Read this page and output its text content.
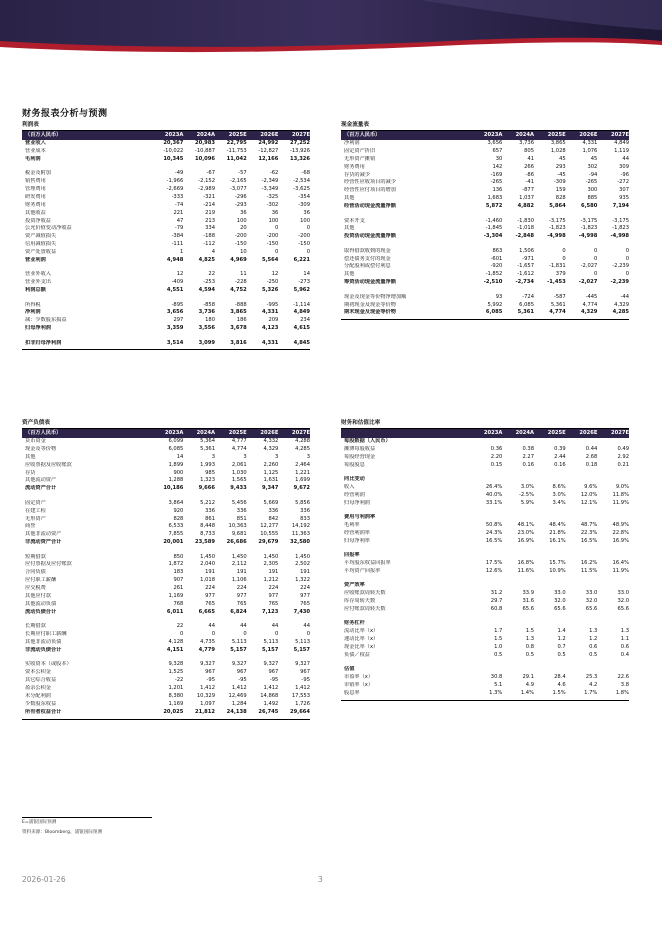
财务报表分析与预测
利润表
（百万人民币）	2023A	2024A	2025E	2026E	2027E
营业收入	20,367	20,983	22,795	24,992	27,252
营业成本	-10,022	-10,887	-11,753	-12,827	-13,926
毛利润	10,345	10,096	11,042	12,166	13,326
税金及附加	-49	-67	-57	-62	-68
销售费用	-1,966	-2,152	-2,165	-2,349	-2,534
管理费用	-2,669	-2,989	-3,077	-3,349	-3,625
研发费用	-333	-321	-296	-325	-354
财务费用	-74	-214	-293	-302	-309
其他收益	221	219	36	36	36
投资净收益	47	213	100	100	100
公允价值变动净收益	-79	334	20	0	0
资产减值损失	-384	-188	-200	-200	-200
信用减值损失	-111	-112	-150	-150	-150
资产处置收益	1	4	10	0	0
营业利润	4,948	4,825	4,969	5,564	6,221
营业外收入	12	22	11	12	14
营业外支出	-409	-253	-228	-250	-273
利润总额	4,551	4,594	4,752	5,326	5,962
所得税	-895	-858	-888	-995	-1,114
净利润	3,656	3,736	3,865	4,331	4,849
减：少数股东损益	297	180	186	209	234
归母净利润	3,359	3,556	3,678	4,123	4,615
扣非归母净利润	3,514	3,099	3,816	4,331	4,845
现金流量表
（百万人民币）	2023A	2024A	2025E	2026E	2027E
净利润	3,656	3,736	3,865	4,331	4,849
固定资产折旧	657	805	1,028	1,076	1,119
无形资产摊销	30	41	45	45	44
财务费用	142	266	293	302	309
存货的减少	-169	-86	-45	-94	-96
经营性应收项目的减少	-265	-41	-309	-265	-272
经营性应付项目的增加	136	-877	159	300	307
其他	1,683	1,037	828	885	935
经营活动现金流量净额	5,872	4,882	5,864	6,580	7,194
资本开支	-1,460	-1,830	-3,175	-3,175	-3,175
其他	-1,845	-1,018	-1,823	-1,823	-1,823
投资活动现金流量净额	-3,304	-2,848	-4,998	-4,998	-4,998
取得借款收到的现金	863	1,506	0	0	0
偿还债务支付的现金	-601	-971	0	0	0
分配股利或偿付利息	-920	-1,657	-1,831	-2,027	-2,239
其他	-1,852	-1,612	379	0	0
筹资活动现金流量净额	-2,510	-2,734	-1,453	-2,027	-2,239
现金及现金等价物净增加额	93	-724	-587	-445	-44
期初现金及现金等价物	5,992	6,085	5,361	4,774	4,329
期末现金及现金等价物	6,085	5,361	4,774	4,329	4,285
资产负债表
（百万人民币）	2023A	2024A	2025E	2026E	2027E
货币资金	6,099	5,364	4,777	4,332	4,288
现金及等价物	6,085	5,361	4,774	4,329	4,285
其他	14	3	3	3	3
应收票据及应收账款	1,899	1,993	2,061	2,260	2,464
存货	900	985	1,030	1,125	1,221
其他流动资产	1,288	1,323	1,565	1,631	1,699
流动资产合计	10,186	9,666	9,433	9,347	9,672
固定资产	3,864	5,212	5,456	5,669	5,856
在建工程	920	336	336	336	336
无形资产	828	861	851	842	833
商誉	6,533	8,448	10,363	12,277	14,192
其他非流动资产	7,855	8,733	9,681	10,555	11,363
非流动资产合计	20,001	23,589	26,686	29,679	32,580
短期借款	850	1,450	1,450	1,450	1,450
应付票据及应付账款	1,872	2,040	2,112	2,305	2,502
合同负债	183	191	191	191	191
应付职工薪酬	907	1,018	1,106	1,212	1,322
应交税费	261	224	224	224	224
其他应付款	1,169	977	977	977	977
其他流动负债	768	765	765	765	765
流动负债合计	6,011	6,665	6,824	7,123	7,430
长期借款	22	44	44	44	44
长期应付职工薪酬	0	0	0	0	0
其他非流动负债	4,128	4,735	5,113	5,113	5,113
非流动负债合计	4,151	4,779	5,157	5,157	5,157
实收资本（或股本）	9,328	9,327	9,327	9,327	9,327
资本公积金	1,525	967	967	967	967
其它综合收益	-22	-95	-95	-95	-95
盈余公积金	1,201	1,412	1,412	1,412	1,412
未分配利润	8,380	10,329	12,469	14,868	17,553
少数股东权益	1,169	1,097	1,284	1,492	1,726
所有者权益合计	20,025	21,812	24,138	26,745	29,664
财务和估值比率
2023A	2024A	2025E	2026E	2027E
每股数据（人民币）
摊薄每股收益	0.36	0.38	0.39	0.44	0.49
每股经营现金	2.20	2.27	2.44	2.68	2.92
每股股息	0.15	0.16	0.16	0.18	0.21
同比变动
收入	26.4%	3.0%	8.6%	9.6%	9.0%
经营利润	40.0%	-2.5%	3.0%	12.0%	11.8%
归母净利润	33.1%	5.9%	3.4%	12.1%	11.9%
费用与利润率
毛利率	50.8%	48.1%	48.4%	48.7%	48.9%
经营利润率	24.3%	23.0%	21.8%	22.3%	22.8%
归母净利率	16.5%	16.9%	16.1%	16.5%	16.9%
回报率
平均股东权益回报率	17.5%	16.8%	15.7%	16.2%	16.4%
平均资产回报率	12.6%	11.6%	10.9%	11.5%	11.9%
资产效率
应收账款周转天数	31.2	33.9	33.0	33.0	33.0
库存周转天数	29.7	31.6	32.0	32.0	32.0
应付账款周转天数	60.8	65.6	65.6	65.6	65.6
财务杠杆
流动比率（x）	1.7	1.5	1.4	1.3	1.3
速动比率（x）	1.5	1.3	1.2	1.2	1.1
现金比率（x）	1.0	0.8	0.7	0.6	0.6
负债／权益	0.5	0.5	0.5	0.5	0.4
估值
市盈率（x）	30.8	29.1	28.4	25.3	22.6
市销率（x）	5.1	4.9	4.6	4.2	3.8
股息率	1.3%	1.4%	1.5%	1.7%	1.8%
E=浦银国际预测
资料来源：Bloomberg、浦银国际预测
2026-01-26	3
